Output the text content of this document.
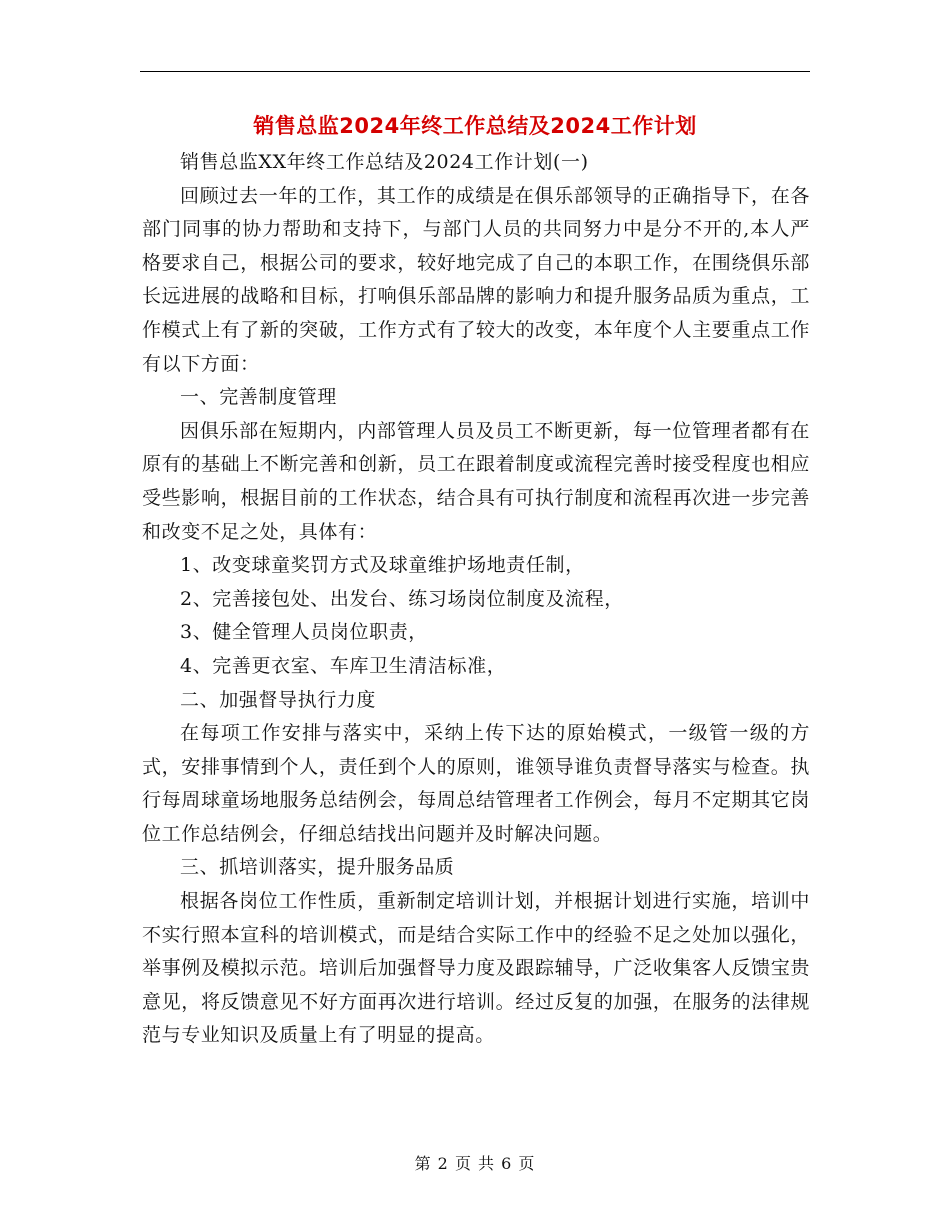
销售总监2024年终工作总结及2024工作计划

销售总监XX年终工作总结及2024工作计划(一)

回顾过去一年的工作，其工作的成绩是在俱乐部领导的正确指导下，在各部门同事的协力帮助和支持下，与部门人员的共同努力中是分不开的,本人严格要求自己，根据公司的要求，较好地完成了自己的本职工作，在围绕俱乐部长远进展的战略和目标，打响俱乐部品牌的影响力和提升服务品质为重点，工作模式上有了新的突破，工作方式有了较大的改变，本年度个人主要重点工作有以下方面：

一、完善制度管理

因俱乐部在短期内，内部管理人员及员工不断更新，每一位管理者都有在原有的基础上不断完善和创新，员工在跟着制度或流程完善时接受程度也相应受些影响，根据目前的工作状态，结合具有可执行制度和流程再次进一步完善和改变不足之处，具体有：

1、改变球童奖罚方式及球童维护场地责任制，

2、完善接包处、出发台、练习场岗位制度及流程，

3、健全管理人员岗位职责，

4、完善更衣室、车库卫生清洁标准，

二、加强督导执行力度

在每项工作安排与落实中，采纳上传下达的原始模式，一级管一级的方式，安排事情到个人，责任到个人的原则，谁领导谁负责督导落实与检查。执行每周球童场地服务总结例会，每周总结管理者工作例会，每月不定期其它岗位工作总结例会，仔细总结找出问题并及时解决问题。

三、抓培训落实，提升服务品质

根据各岗位工作性质，重新制定培训计划，并根据计划进行实施，培训中不实行照本宣科的培训模式，而是结合实际工作中的经验不足之处加以强化，举事例及模拟示范。培训后加强督导力度及跟踪辅导，广泛收集客人反馈宝贵意见，将反馈意见不好方面再次进行培训。经过反复的加强，在服务的法律规范与专业知识及质量上有了明显的提高。

第 2 页 共 6 页
